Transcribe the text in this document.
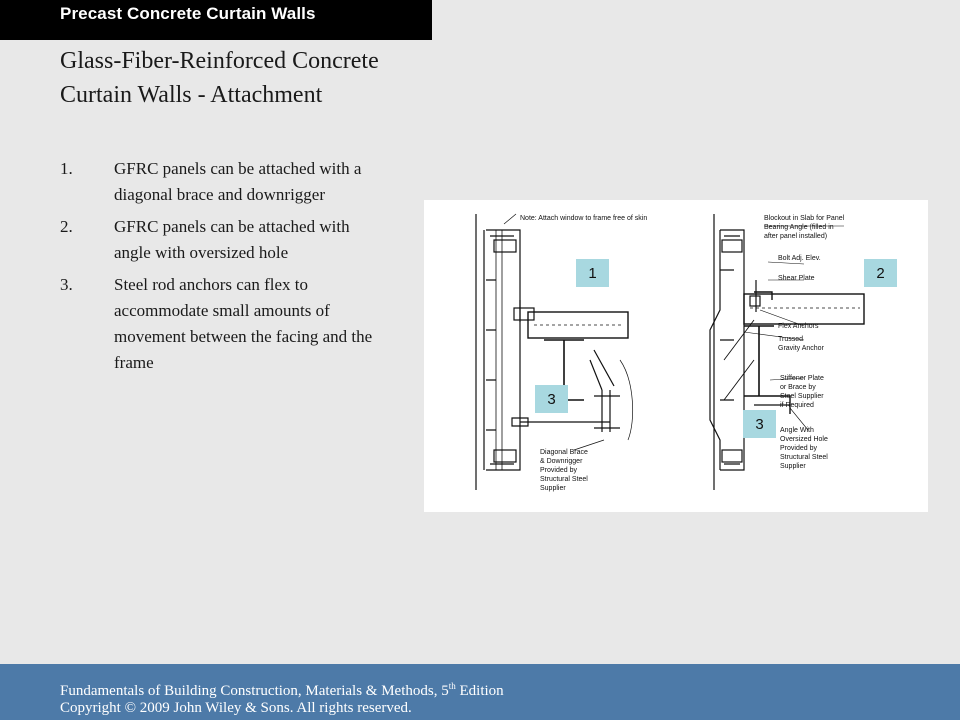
Precast Concrete Curtain Walls
Glass-Fiber-Reinforced Concrete Curtain Walls - Attachment
1. GFRC panels can be attached with a diagonal brace and downrigger
2. GFRC panels can be attached with angle with oversized hole
3. Steel rod anchors can flex to accommodate small amounts of movement between the facing and the frame
Note: Attach window to frame free of skin	Blockout in Slab for Panel
Bearing Angle (filled in
after panel installed)
Bolt Adj. Elev.
Shear Plate
Flex Anchors
Trussed
Gravity Anchor
Stiffener Plate
or Brace by
Steel Supplier
if Required
Angle With
Oversized Hole
Provided by
Structural Steel
Supplier
Diagonal Brace
& Downrigger
Provided by
Structural Steel
Supplier
1	2
3
3
Fundamentals of Building Construction, Materials & Methods, 5th Edition
Copyright © 2009 John Wiley & Sons. All rights reserved.
